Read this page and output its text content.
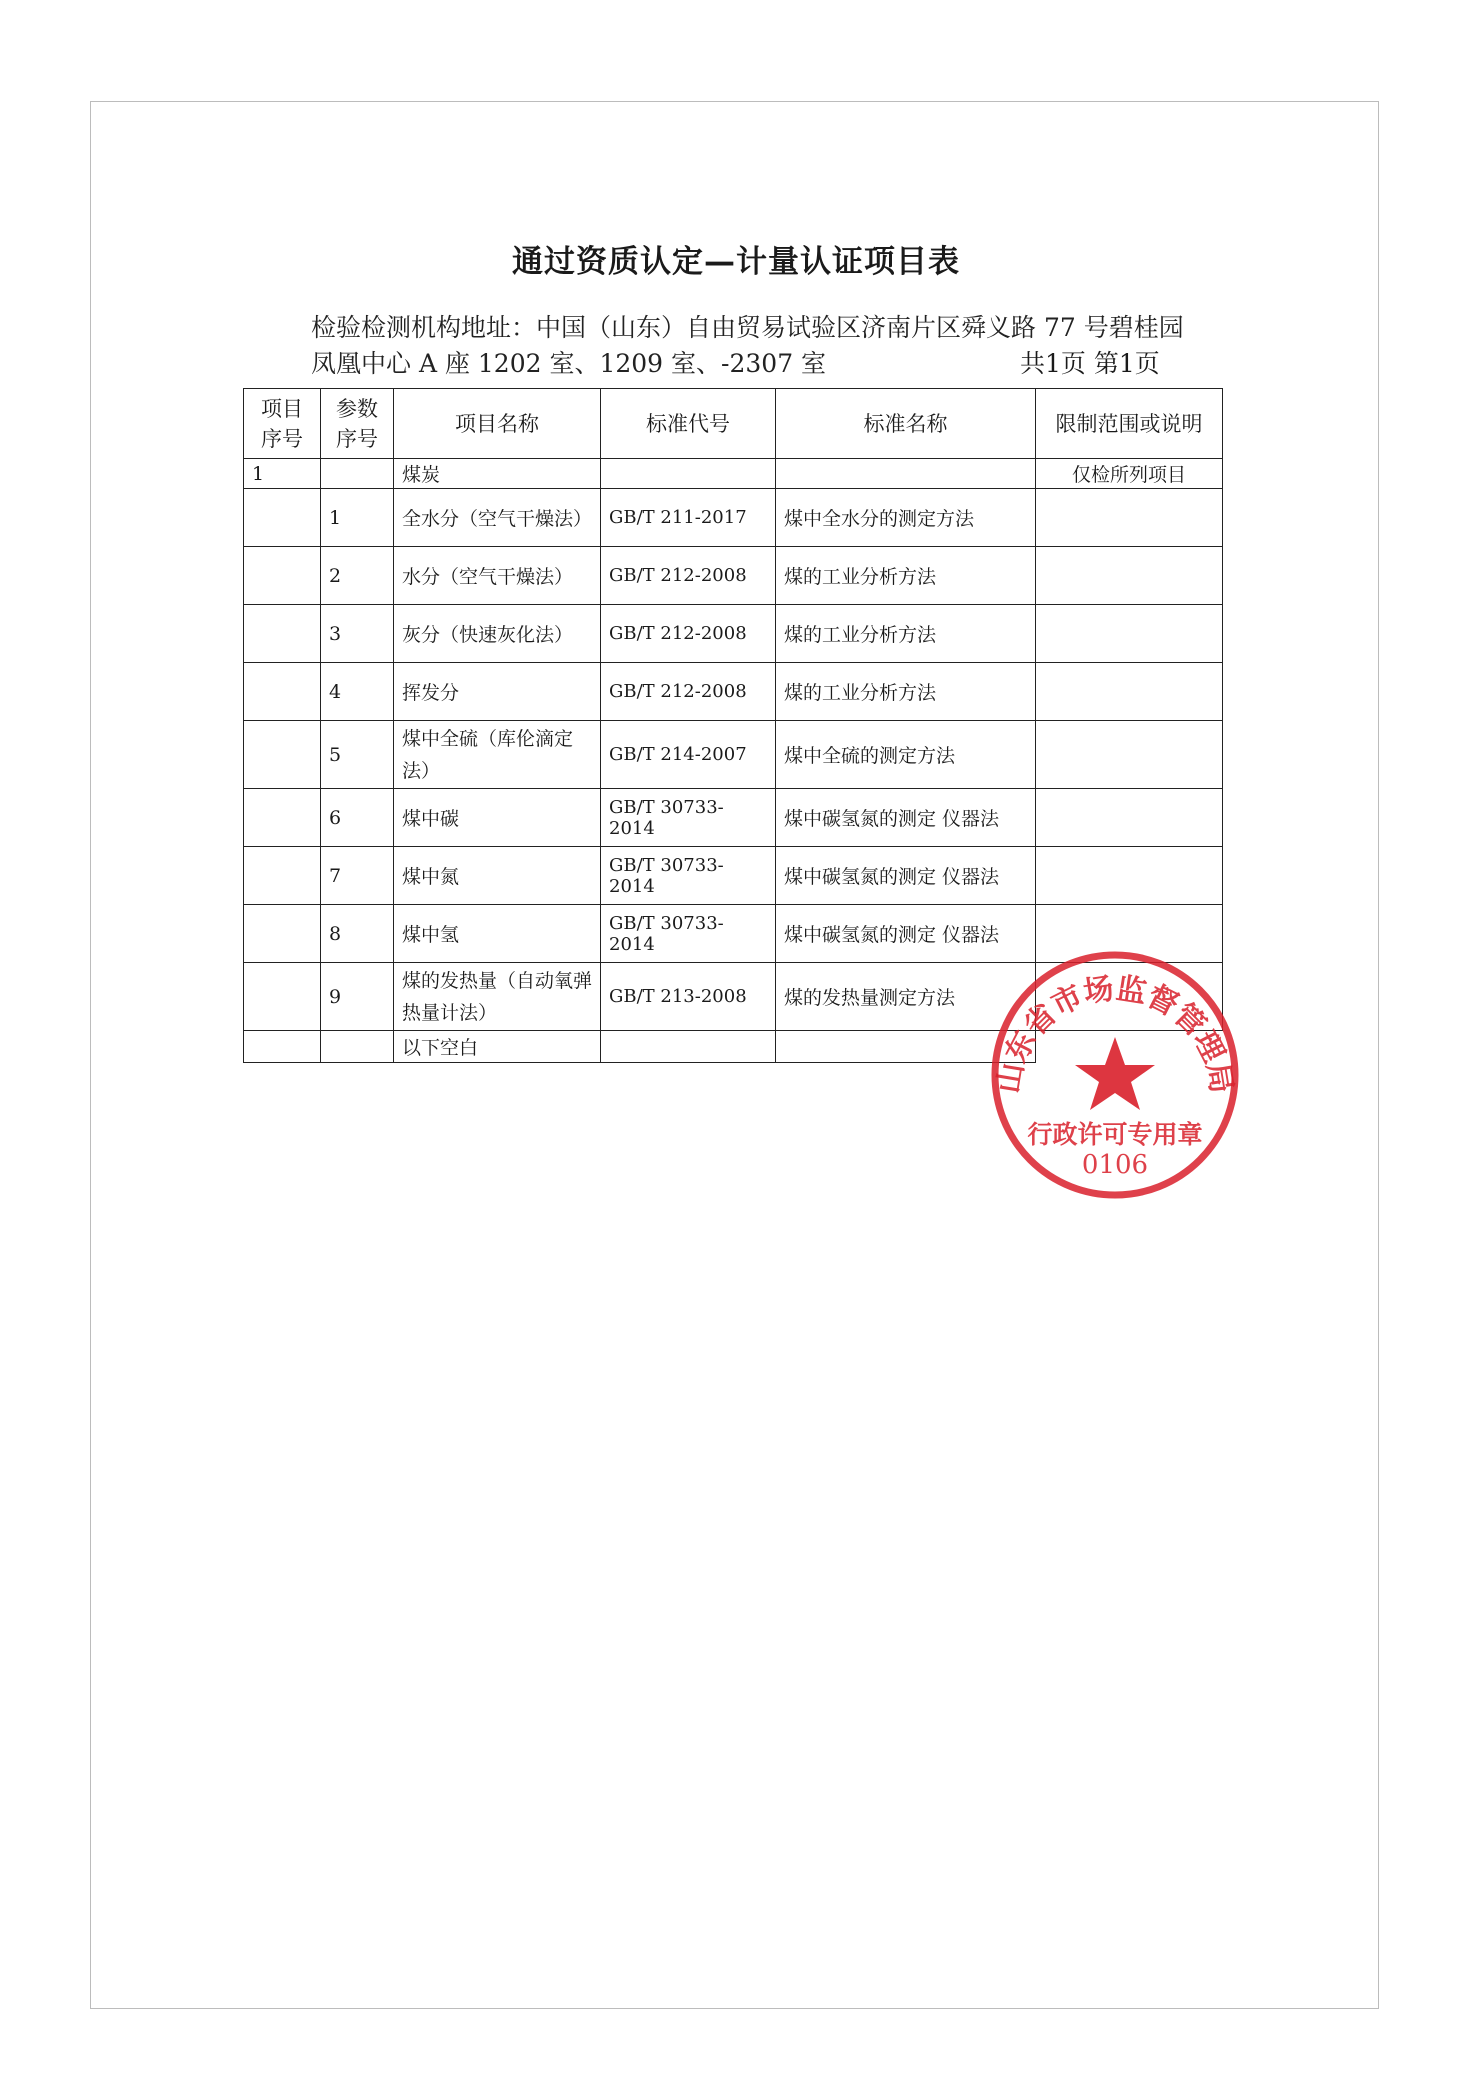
通过资质认定—计量认证项目表
检验检测机构地址：中国（山东）自由贸易试验区济南片区舜义路 77 号碧桂园
凤凰中心 A 座 1202 室、1209 室、-2307 室	共1页 第1页
项目序号	参数序号	项目名称	标准代号	标准名称	限制范围或说明
1		煤炭			仅检所列项目
	1	全水分（空气干燥法）	GB/T 211-2017	煤中全水分的测定方法	
	2	水分（空气干燥法）	GB/T 212-2008	煤的工业分析方法	
	3	灰分（快速灰化法）	GB/T 212-2008	煤的工业分析方法	
	4	挥发分	GB/T 212-2008	煤的工业分析方法	
	5	煤中全硫（库伦滴定法）	GB/T 214-2007	煤中全硫的测定方法	
	6	煤中碳	GB/T 30733-2014	煤中碳氢氮的测定 仪器法	
	7	煤中氮	GB/T 30733-2014	煤中碳氢氮的测定 仪器法	
	8	煤中氢	GB/T 30733-2014	煤中碳氢氮的测定 仪器法	
	9	煤的发热量（自动氧弹热量计法）	GB/T 213-2008	煤的发热量测定方法	
		以下空白			
山东省市场监督管理局
行政许可专用章
0106
